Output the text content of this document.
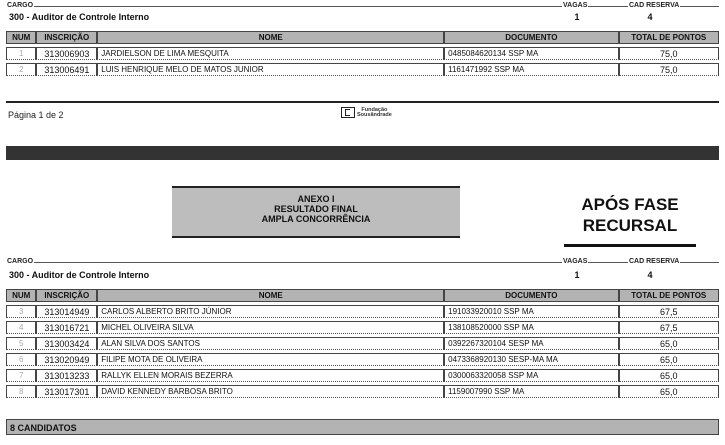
CARGO	VAGAS	CAD RESERVA
300 - Auditor de Controle Interno	1	4
NUM	INSCRIÇÃO	NOME	DOCUMENTO	TOTAL DE PONTOS

1	313006903	JARDIELSON DE LIMA MESQUITA	0485084620134 SSP MA	75,0

2	313006491	LUIS HENRIQUE MELO DE MATOS JUNIOR	1161471992 SSP MA	75,0
Página 1 de 2
Fundação
Sousândrade
ANEXO I
RESULTADO FINAL
AMPLA CONCORRÊNCIA
APÓS FASE
RECURSAL
CARGO	VAGAS	CAD RESERVA
300 - Auditor de Controle Interno	1	4
NUM	INSCRIÇÃO	NOME	DOCUMENTO	TOTAL DE PONTOS

3	313014949	CARLOS ALBERTO BRITO JÚNIOR	191033920010 SSP MA	67,5

4	313016721	MICHEL OLIVEIRA SILVA	138108520000 SSP MA	67,5

5	313003424	ALAN SILVA DOS SANTOS	0392267320104 SESP MA	65,0

6	313020949	FILIPE MOTA DE OLIVEIRA	0473368920130 SESP-MA MA	65,0

7	313013233	RALLYK ELLEN MORAIS BEZERRA	0300063320058 SSP MA	65,0

8	313017301	DAVID KENNEDY BARBOSA BRITO	1159007990 SSP MA	65,0
8 CANDIDATOS
